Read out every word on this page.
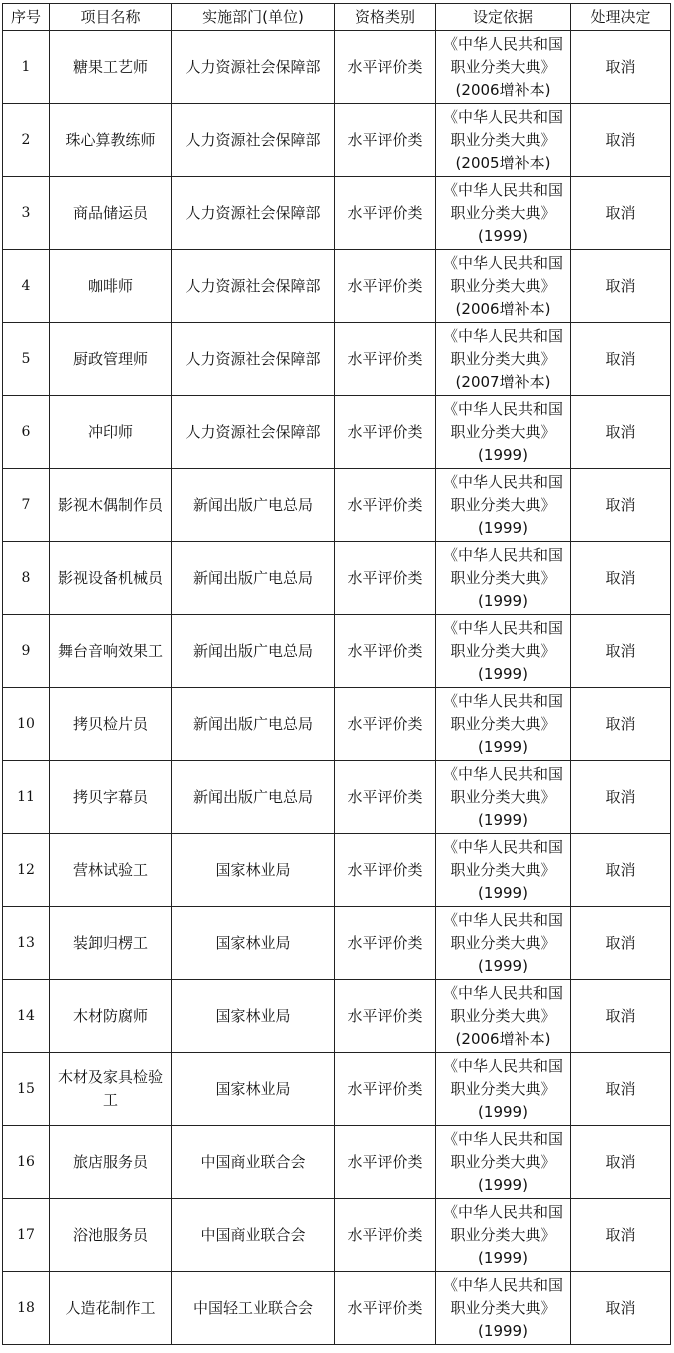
序号	项目名称	实施部门(单位)	资格类别	设定依据	处理决定
1	糖果工艺师	人力资源社会保障部	水平评价类	《中华人民共和国
职业分类大典》
(2006增补本)	取消
2	珠心算教练师	人力资源社会保障部	水平评价类	《中华人民共和国
职业分类大典》
(2005增补本)	取消
3	商品储运员	人力资源社会保障部	水平评价类	《中华人民共和国
职业分类大典》
(1999)	取消
4	咖啡师	人力资源社会保障部	水平评价类	《中华人民共和国
职业分类大典》
(2006增补本)	取消
5	厨政管理师	人力资源社会保障部	水平评价类	《中华人民共和国
职业分类大典》
(2007增补本)	取消
6	冲印师	人力资源社会保障部	水平评价类	《中华人民共和国
职业分类大典》
(1999)	取消
7	影视木偶制作员	新闻出版广电总局	水平评价类	《中华人民共和国
职业分类大典》
(1999)	取消
8	影视设备机械员	新闻出版广电总局	水平评价类	《中华人民共和国
职业分类大典》
(1999)	取消
9	舞台音响效果工	新闻出版广电总局	水平评价类	《中华人民共和国
职业分类大典》
(1999)	取消
10	拷贝检片员	新闻出版广电总局	水平评价类	《中华人民共和国
职业分类大典》
(1999)	取消
11	拷贝字幕员	新闻出版广电总局	水平评价类	《中华人民共和国
职业分类大典》
(1999)	取消
12	营林试验工	国家林业局	水平评价类	《中华人民共和国
职业分类大典》
(1999)	取消
13	装卸归楞工	国家林业局	水平评价类	《中华人民共和国
职业分类大典》
(1999)	取消
14	木材防腐师	国家林业局	水平评价类	《中华人民共和国
职业分类大典》
(2006增补本)	取消
15	木材及家具检验工	国家林业局	水平评价类	《中华人民共和国
职业分类大典》
(1999)	取消
16	旅店服务员	中国商业联合会	水平评价类	《中华人民共和国
职业分类大典》
(1999)	取消
17	浴池服务员	中国商业联合会	水平评价类	《中华人民共和国
职业分类大典》
(1999)	取消
18	人造花制作工	中国轻工业联合会	水平评价类	《中华人民共和国
职业分类大典》
(1999)	取消
